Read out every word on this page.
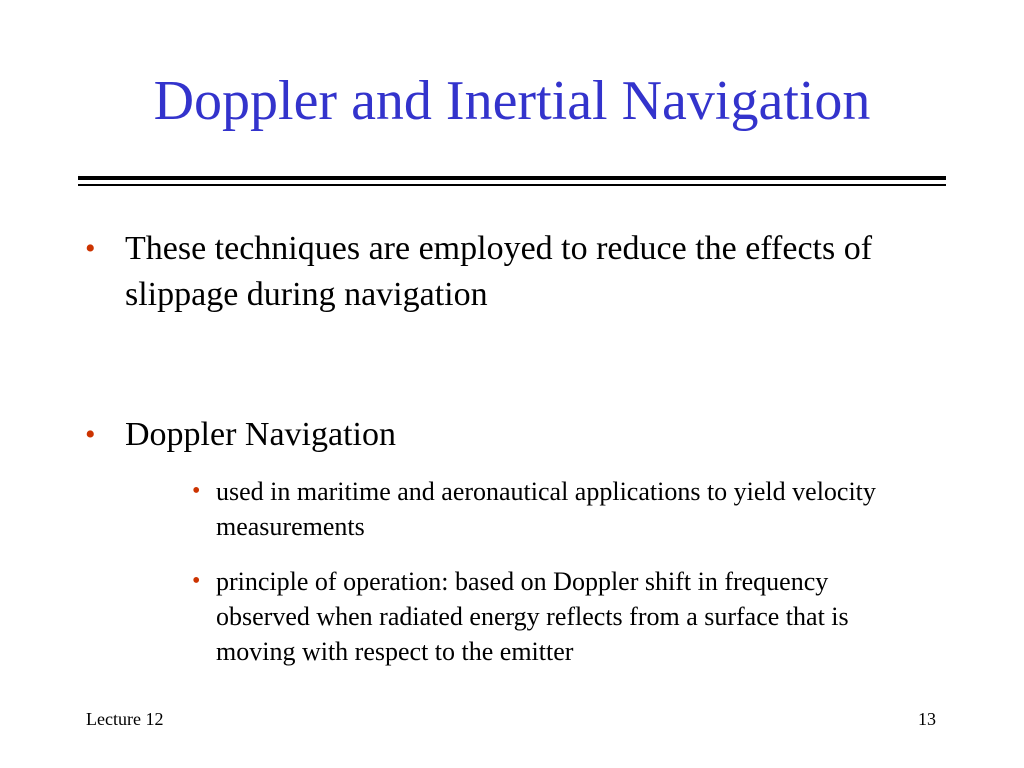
Doppler and Inertial Navigation
• These techniques are employed to reduce the effects of slippage during navigation
• Doppler Navigation
• used in maritime and aeronautical applications to yield velocity measurements
• principle of operation: based on Doppler shift in frequency observed when radiated energy reflects from a surface that is moving with respect to the emitter
Lecture 12	13
